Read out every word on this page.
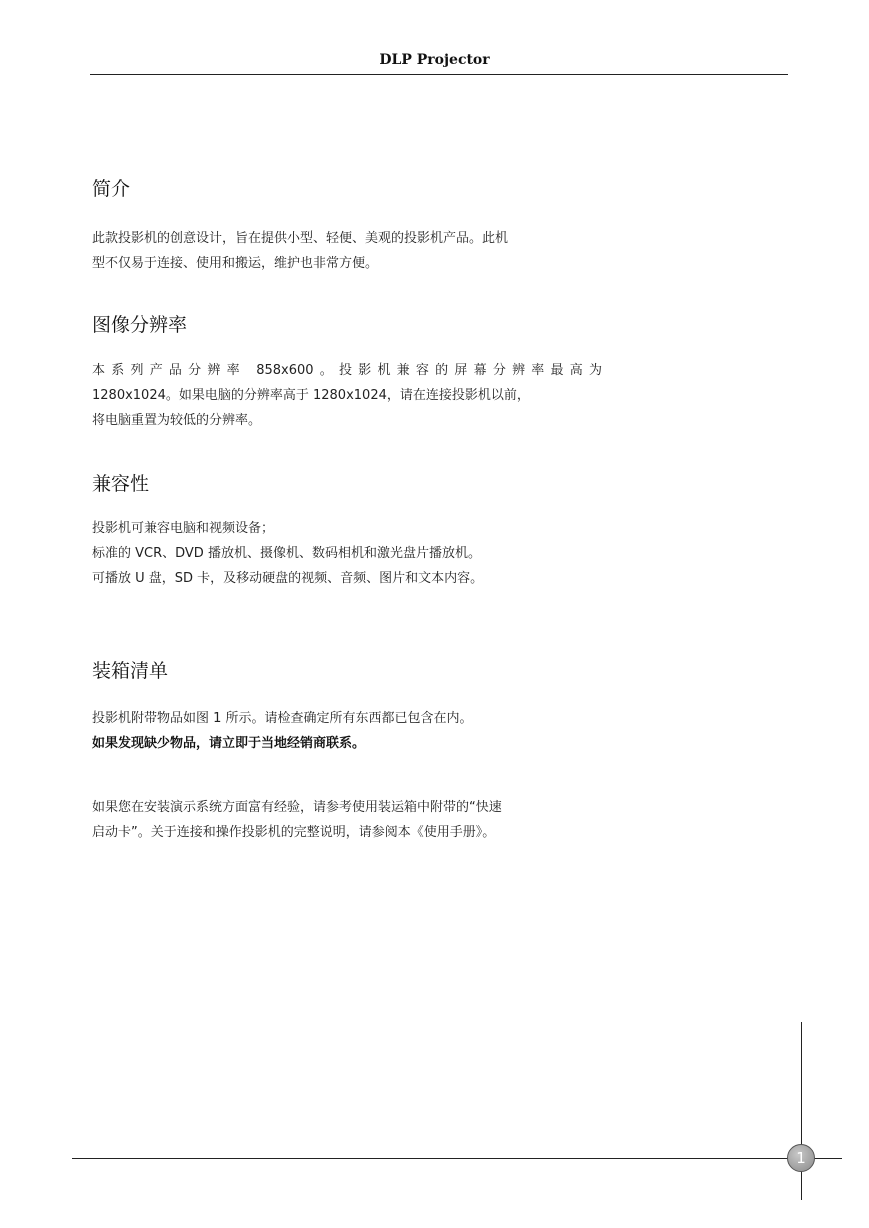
DLP Projector
简介
此款投影机的创意设计，旨在提供小型、轻便、美观的投影机产品。此机
型不仅易于连接、使用和搬运，维护也非常方便。
图像分辨率
本系列产品分辨率 858x600。投影机兼容的屏幕分辨率最高为
1280x1024。如果电脑的分辨率高于 1280x1024，请在连接投影机以前，
将电脑重置为较低的分辨率。
兼容性
投影机可兼容电脑和视频设备；
标准的 VCR、DVD 播放机、摄像机、数码相机和激光盘片播放机。
可播放 U 盘，SD 卡，及移动硬盘的视频、音频、图片和文本内容。
装箱清单
投影机附带物品如图 1 所示。请检查确定所有东西都已包含在内。
如果发现缺少物品，请立即于当地经销商联系。
如果您在安装演示系统方面富有经验，请参考使用装运箱中附带的“快速
启动卡”。关于连接和操作投影机的完整说明，请参阅本《使用手册》。
1
